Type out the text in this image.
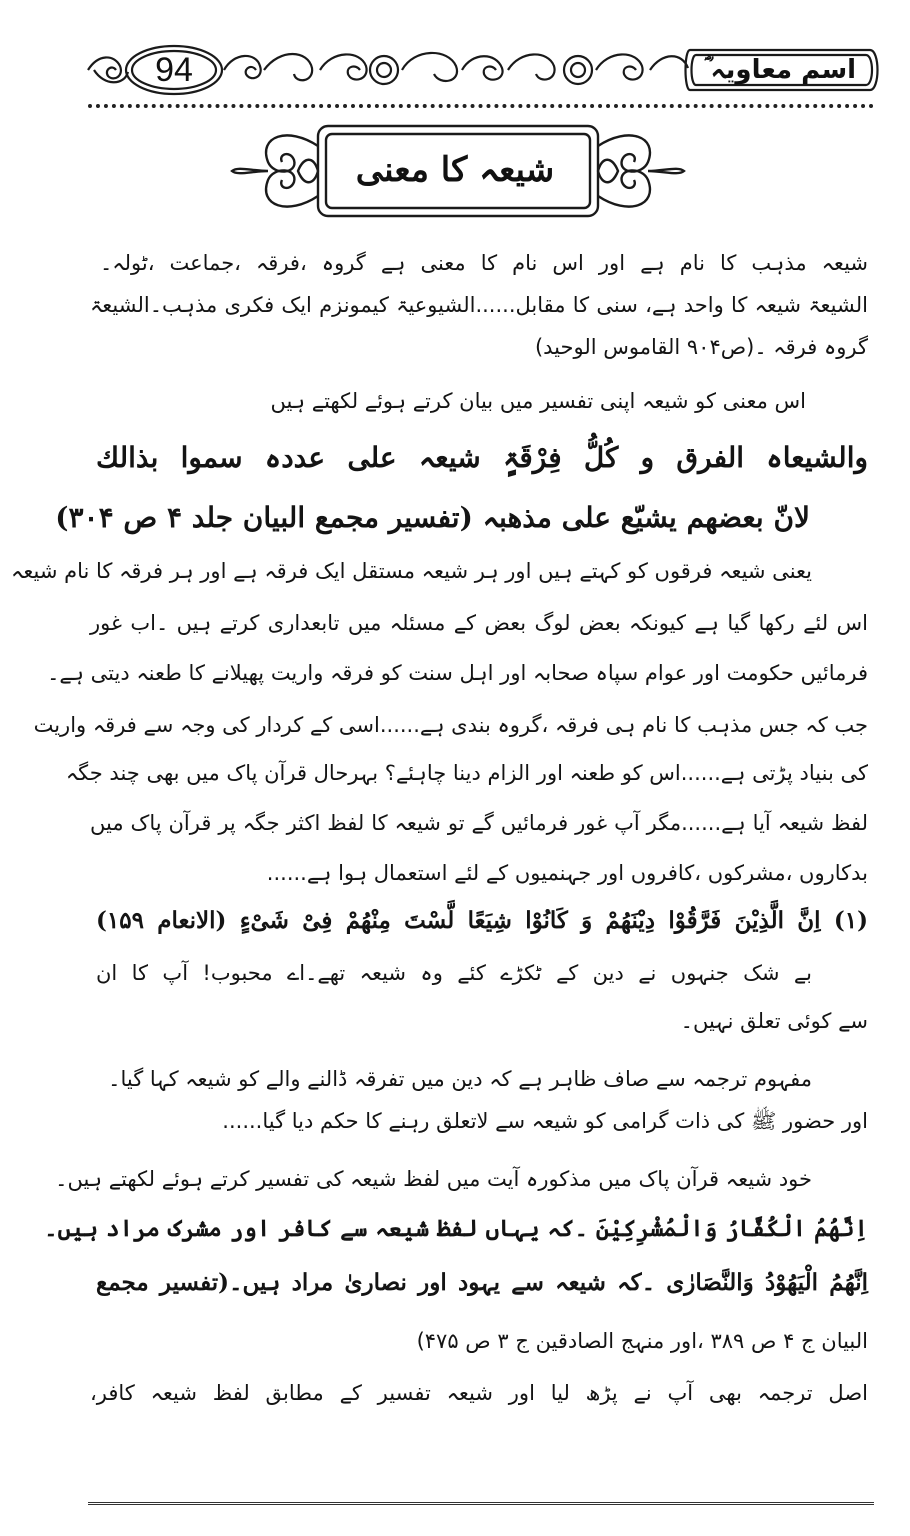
94	اسم معاویہ ؓ
شیعہ کا معنی
شیعہ مذہب کا نام ہے اور اس نام کا معنی ہے گروہ ،فرقہ ،جماعت ،ٹولہ۔
الشیعۃ شیعہ کا واحد ہے، سنی کا مقابل......الشیوعیۃ کیمونزم ایک فکری مذہب۔الشیعۃ
گروہ فرقہ ۔(ص۹۰۴ القاموس الوحید)
اس معنی کو شیعہ اپنی تفسیر میں بیان کرتے ہوئے لکھتے ہیں
والشیعاہ الفرق و کُلُّ فِرْقَۃٍ شیعہ علی عددہ سموا بذالك
لانّ بعضھم یشیّع علی مذھبہ (تفسیر مجمع البیان جلد ۴ ص ۳۰۴)
یعنی شیعہ فرقوں کو کہتے ہیں اور ہر شیعہ مستقل ایک فرقہ ہے اور ہر فرقہ کا نام شیعہ
اس لئے رکھا گیا ہے کیونکہ بعض لوگ بعض کے مسئلہ میں تابعداری کرتے ہیں ۔اب غور
فرمائیں حکومت اور عوام سپاہ صحابہ اور اہل سنت کو فرقہ واریت پھیلانے کا طعنہ دیتی ہے۔
جب کہ جس مذہب کا نام ہی فرقہ ،گروہ بندی ہے......اسی کے کردار کی وجہ سے فرقہ واریت
کی بنیاد پڑتی ہے......اس کو طعنہ اور الزام دینا چاہئے؟ بہرحال قرآن پاک میں بھی چند جگہ
لفظ شیعہ آیا ہے......مگر آپ غور فرمائیں گے تو شیعہ کا لفظ اکثر جگہ پر قرآن پاک میں
بدکاروں ،مشرکوں ،کافروں اور جہنمیوں کے لئے استعمال ہوا ہے......
(۱) اِنَّ الَّذِیْنَ فَرَّقُوْا دِیْنَھُمْ وَ كَانُوْا شِیَعًا لَّسْتَ مِنْھُمْ فِیْ شَیْءٍ (الانعام ۱۵۹)
بے شک جنہوں نے دین کے ٹکڑے کئے وہ شیعہ تھے۔اے محبوب! آپ کا ان
سے کوئی تعلق نہیں۔
مفہوم ترجمہ سے صاف ظاہر ہے کہ دین میں تفرقہ ڈالنے والے کو شیعہ کہا گیا۔
اور حضور ﷺ کی ذات گرامی کو شیعہ سے لاتعلق رہنے کا حکم دیا گیا......
خود شیعہ قرآن پاک میں مذکورہ آیت میں لفظ شیعہ کی تفسیر کرتے ہوئے لکھتے ہیں۔
اِنَّھُمُ الْكُفَّارُ وَالْمُشْرِكِیْنَ ۔کہ یہاں لفظ شیعہ سے کافر اور مشرک مراد ہیں۔
اِنَّھُمُ الْیَھُوْدُ وَالنَّصَارٰی ۔کہ شیعہ سے یہود اور نصاریٰ مراد ہیں۔(تفسیر مجمع
البیان ج ۴ ص ۳۸۹ ،اور منہج الصادقین ج ۳ ص ۴۷۵)
اصل ترجمہ بھی آپ نے پڑھ لیا اور شیعہ تفسیر کے مطابق لفظ شیعہ کافر،
